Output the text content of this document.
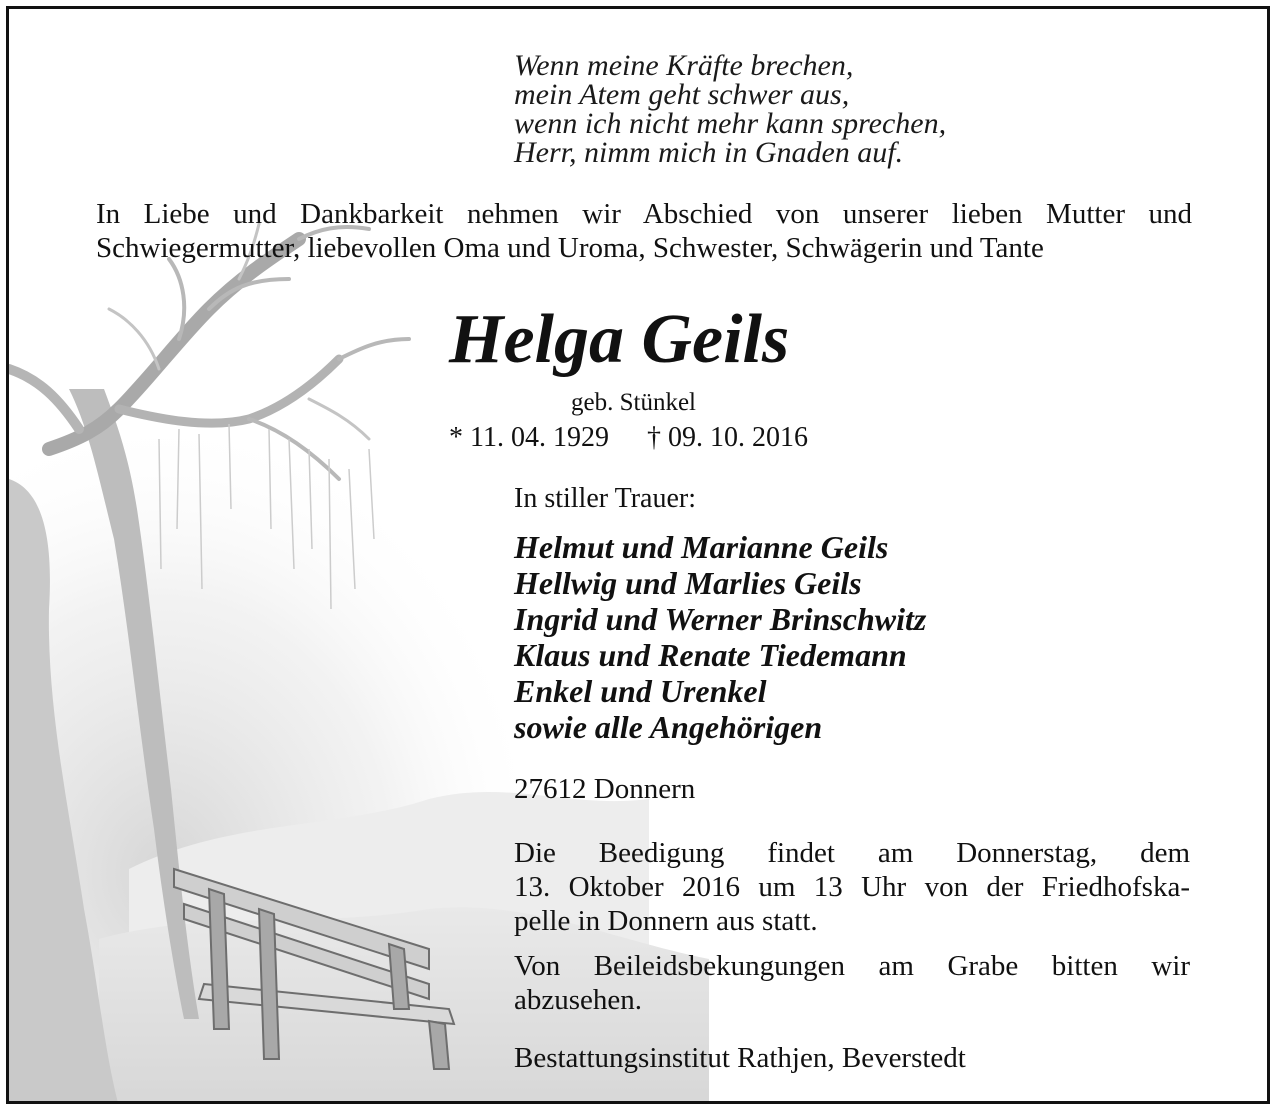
Wenn meine Kräfte brechen,
mein Atem geht schwer aus,
wenn ich nicht mehr kann sprechen,
Herr, nimm mich in Gnaden auf.
In Liebe und Dankbarkeit nehmen wir Abschied von unserer lieben Mutter und
Schwiegermutter, liebevollen Oma und Uroma, Schwester, Schwägerin und Tante
Helga Geils
geb. Stünkel
* 11. 04. 1929 † 09. 10. 2016
In stiller Trauer:
Helmut und Marianne Geils
Hellwig und Marlies Geils
Ingrid und Werner Brinschwitz
Klaus und Renate Tiedemann
Enkel und Urenkel
sowie alle Angehörigen
27612 Donnern
Die Beedigung findet am Donnerstag, dem
13. Oktober 2016 um 13 Uhr von der Friedhofska-
pelle in Donnern aus statt.
Von Beileidsbekungungen am Grabe bitten wir
abzusehen.
Bestattungsinstitut Rathjen, Beverstedt
